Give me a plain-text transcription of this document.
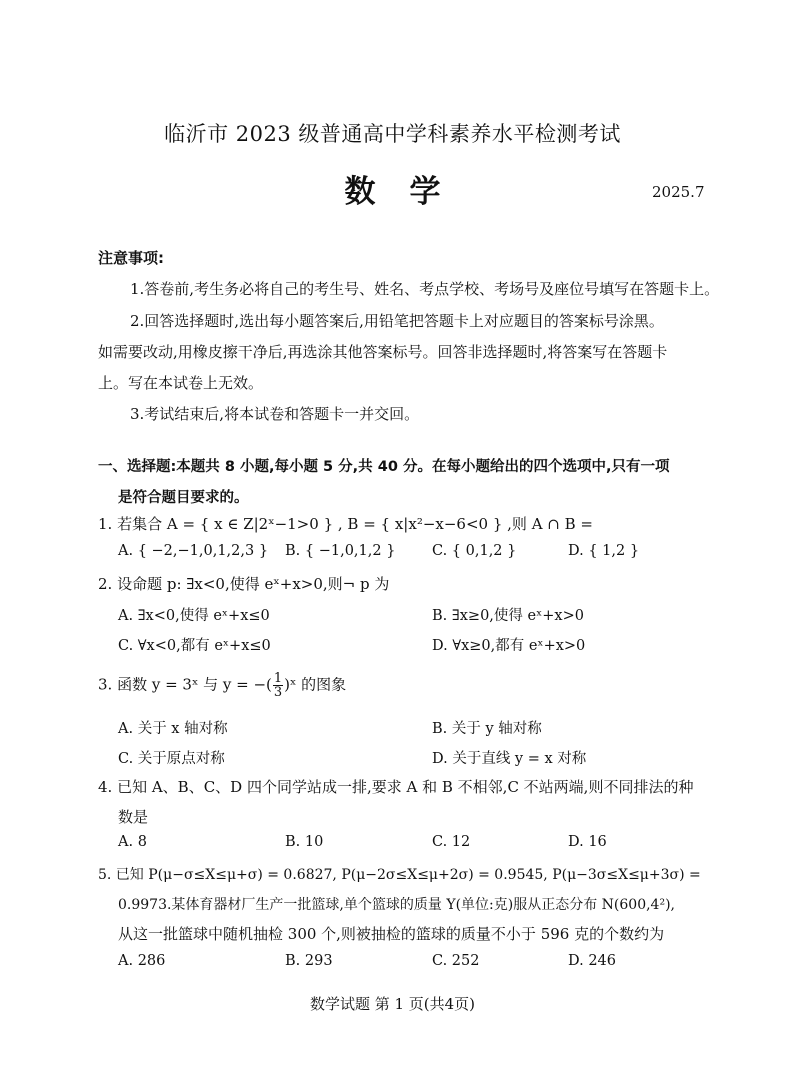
临沂市 2023 级普通高中学科素养水平检测考试
数学	2025.7
注意事项:
1.答卷前,考生务必将自己的考生号、姓名、考点学校、考场号及座位号填写在答题卡上。
2.回答选择题时,选出每小题答案后,用铅笔把答题卡上对应题目的答案标号涂黑。
如需要改动,用橡皮擦干净后,再选涂其他答案标号。回答非选择题时,将答案写在答题卡
上。写在本试卷上无效。
3.考试结束后,将本试卷和答题卡一并交回。
一、选择题:本题共 8 小题,每小题 5 分,共 40 分。在每小题给出的四个选项中,只有一项
是符合题目要求的。
1. 若集合 A = { x ∈ Z|2ˣ−1>0 } , B = { x|x²−x−6<0 } ,则 A ∩ B =
A. { −2,−1,0,1,2,3 } B. { −1,0,1,2 }	C. { 0,1,2 }	D. { 1,2 }
2. 设命题 p: ∃x<0,使得 eˣ+x>0,则¬ p 为
A. ∃x<0,使得 eˣ+x≤0	B. ∃x≥0,使得 eˣ+x>0
C. ∀x<0,都有 eˣ+x≤0	D. ∀x≥0,都有 eˣ+x>0
3. 函数 y = 3ˣ 与 y = −( $\frac{1}{3}$ )ˣ 的图象
A. 关于 x 轴对称	B. 关于 y 轴对称
C. 关于原点对称	D. 关于直线 y = x 对称
4. 已知 A、B、C、D 四个同学站成一排,要求 A 和 B 不相邻,C 不站两端,则不同排法的种
数是
A. 8	B. 10	C. 12	D. 16
5. 已知 P(μ−σ≤X≤μ+σ) = 0.6827, P(μ−2σ≤X≤μ+2σ) = 0.9545, P(μ−3σ≤X≤μ+3σ) =
0.9973.某体育器材厂生产一批篮球,单个篮球的质量 Y(单位:克)服从正态分布 N(600,4²),
从这一批篮球中随机抽检 300 个,则被抽检的篮球的质量不小于 596 克的个数约为
A. 286	B. 293	C. 252	D. 246
数学试题 第 1 页(共4页)
